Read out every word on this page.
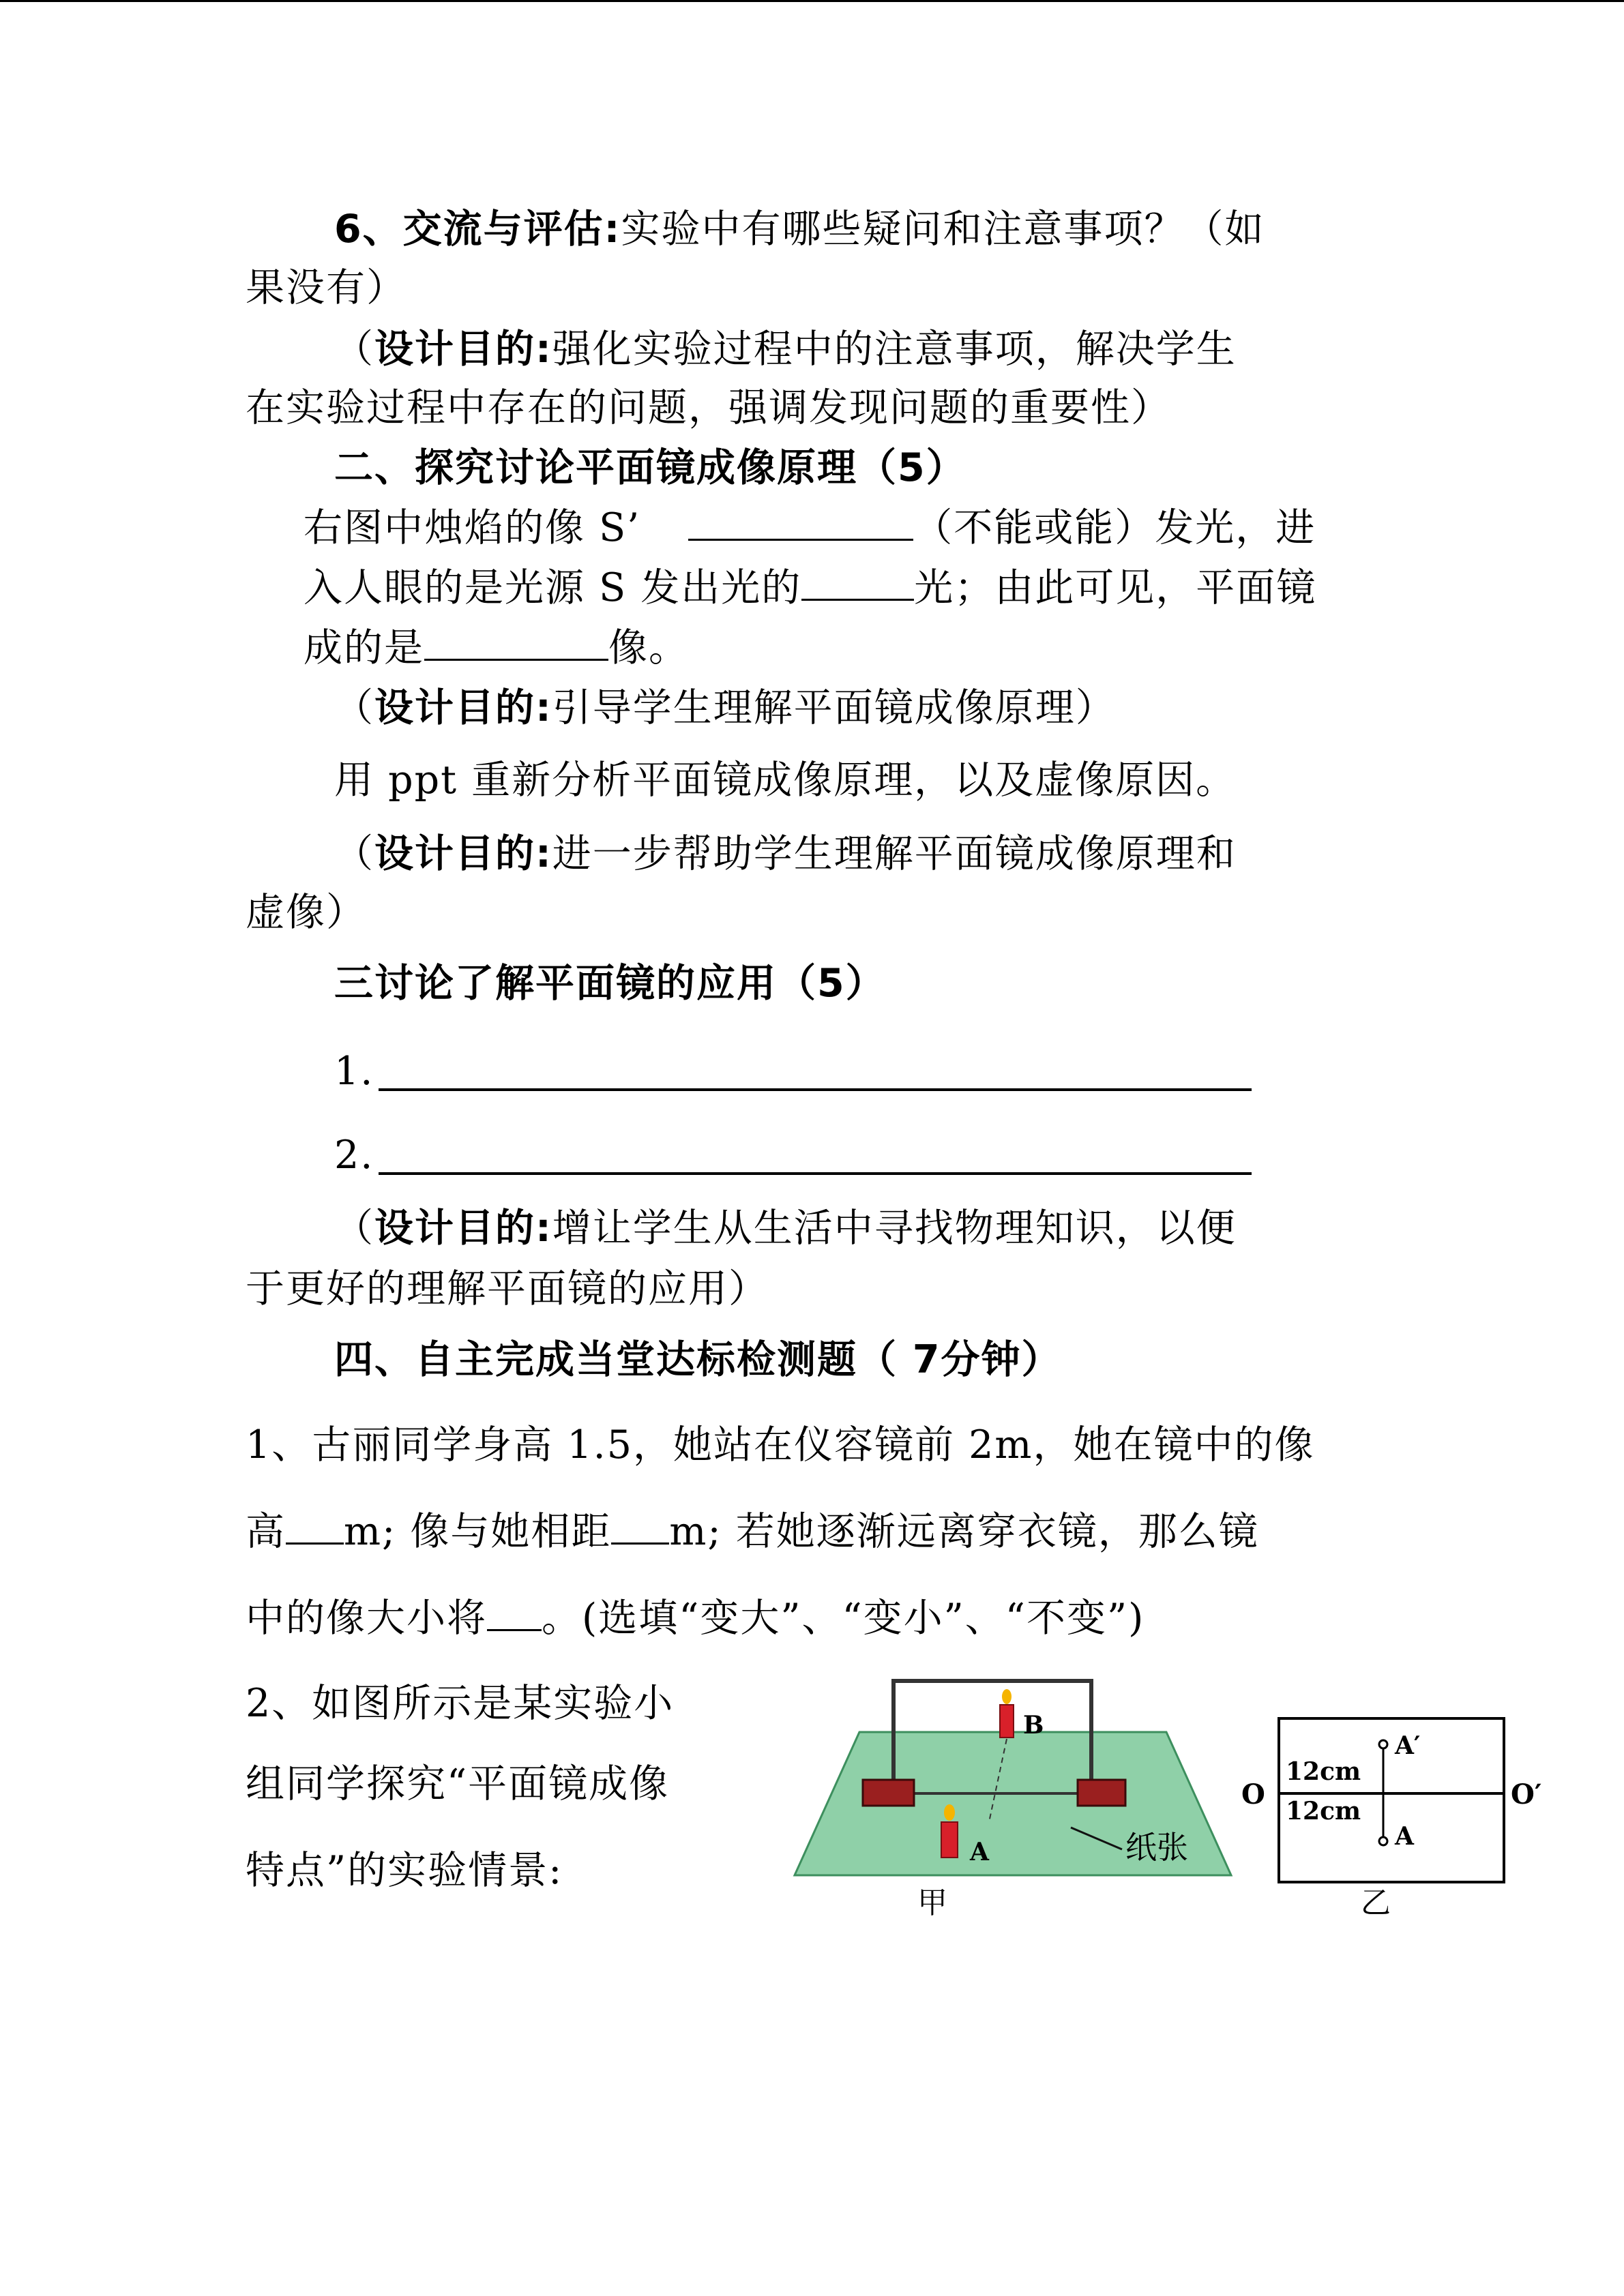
6、交流与评估:实验中有哪些疑问和注意事项？（如
果没有）
（设计目的:强化实验过程中的注意事项，解决学生
在实验过程中存在的问题，强调发现问题的重要性）
二、探究讨论平面镜成像原理（5）
右图中烛焰的像 S’	（不能或能）发光，进
入人眼的是光源 S 发出光的	光；由此可见，平面镜
成的是	像。
（设计目的:引导学生理解平面镜成像原理）
用 ppt 重新分析平面镜成像原理，以及虚像原因。
（设计目的:进一步帮助学生理解平面镜成像原理和
虚像）
三讨论了解平面镜的应用（5）
1.
2.
（设计目的:增让学生从生活中寻找物理知识，以便
于更好的理解平面镜的应用）
四、自主完成当堂达标检测题（ 7分钟）
1、古丽同学身高 1.5，她站在仪容镜前 2m，她在镜中的像
高 m; 像与她相距 m; 若她逐渐远离穿衣镜，那么镜
中的像大小将 。(选填“变大”、“变小”、“不变”)
2、如图所示是某实验小
组同学探究“平面镜成像
特点”的实验情景:
B
A	纸张
甲
O	O′
A′
A
12cm
12cm
乙
